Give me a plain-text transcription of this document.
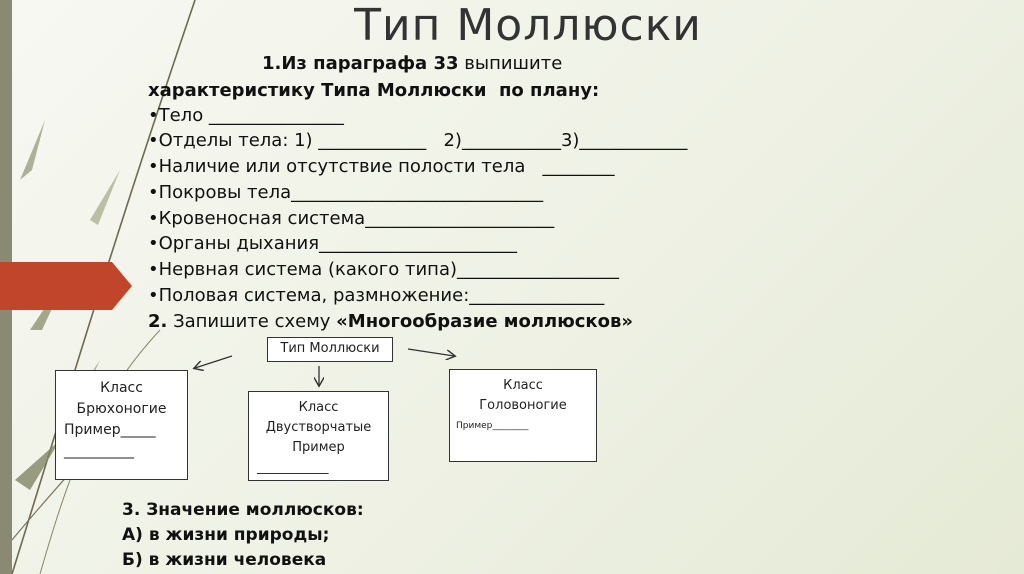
Тип Моллюски
1.Из параграфа 33 выпишите
характеристику Типа Моллюски  по плану:
•Тело _______________
•Отделы тела: 1) ____________   2)___________3)____________
•Наличие или отсутствие полости тела   ________
•Покровы тела____________________________
•Кровеносная система_____________________
•Органы дыхания______________________
•Нервная система (какого типа)__________________
•Половая система, размножение:_______________
2. Запишите схему «Многообразие моллюсков»
Тип Моллюски
Класс
Брюхоногие
Пример_____
__________
Класс
Двустворчатые
Пример
___________
Класс
Головоногие
Пример________
3. Значение моллюсков:
А) в жизни природы;
Б) в жизни человека
